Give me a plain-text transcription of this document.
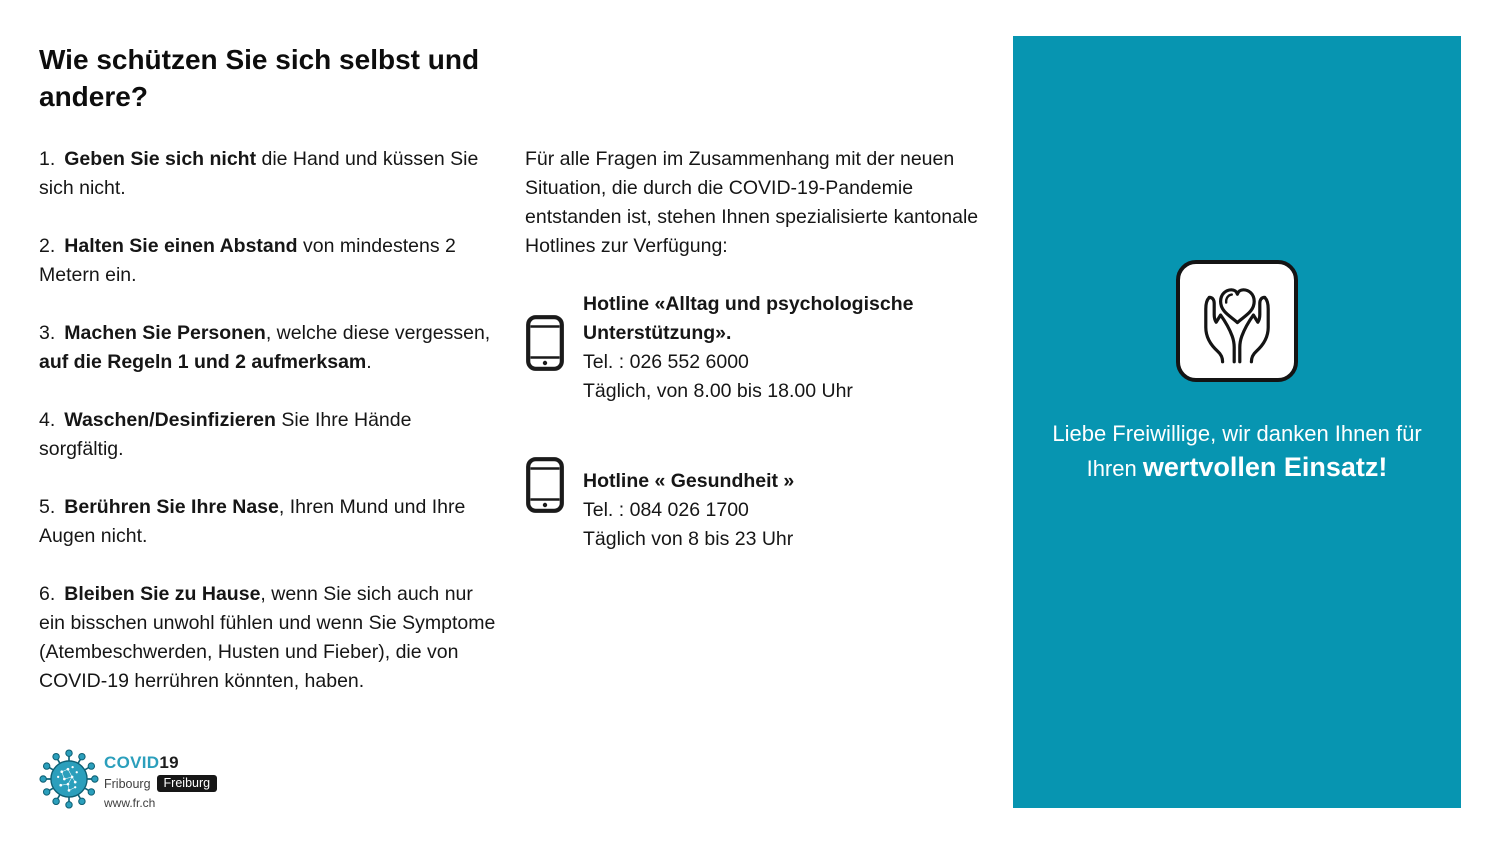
Wie schützen Sie sich selbst und andere?

1. Geben Sie sich nicht die Hand und küssen Sie sich nicht.

2. Halten Sie einen Abstand von mindestens 2 Metern ein.

3. Machen Sie Personen, welche diese vergessen, auf die Regeln 1 und 2 aufmerksam.

4. Waschen/Desinfizieren Sie Ihre Hände sorgfältig.

5. Berühren Sie Ihre Nase, Ihren Mund und Ihre Augen nicht.

6. Bleiben Sie zu Hause, wenn Sie sich auch nur ein bisschen unwohl fühlen und wenn Sie Symptome (Atembeschwerden, Husten und Fieber), die von COVID-19 herrühren könnten, haben.

Für alle Fragen im Zusammenhang mit der neuen Situation, die durch die COVID-19-Pandemie entstanden ist, stehen Ihnen spezialisierte kantonale Hotlines zur Verfügung:
Hotline «Alltag und psychologische Unterstützung».
Tel. : 026 552 6000
Täglich, von 8.00 bis 18.00 Uhr
Hotline « Gesundheit »
Tel. : 084 026 1700
Täglich von 8 bis 23 Uhr
Liebe Freiwillige, wir danken Ihnen für
Ihren wertvollen Einsatz!
COVID19
Fribourg	Freiburg
www.fr.ch
